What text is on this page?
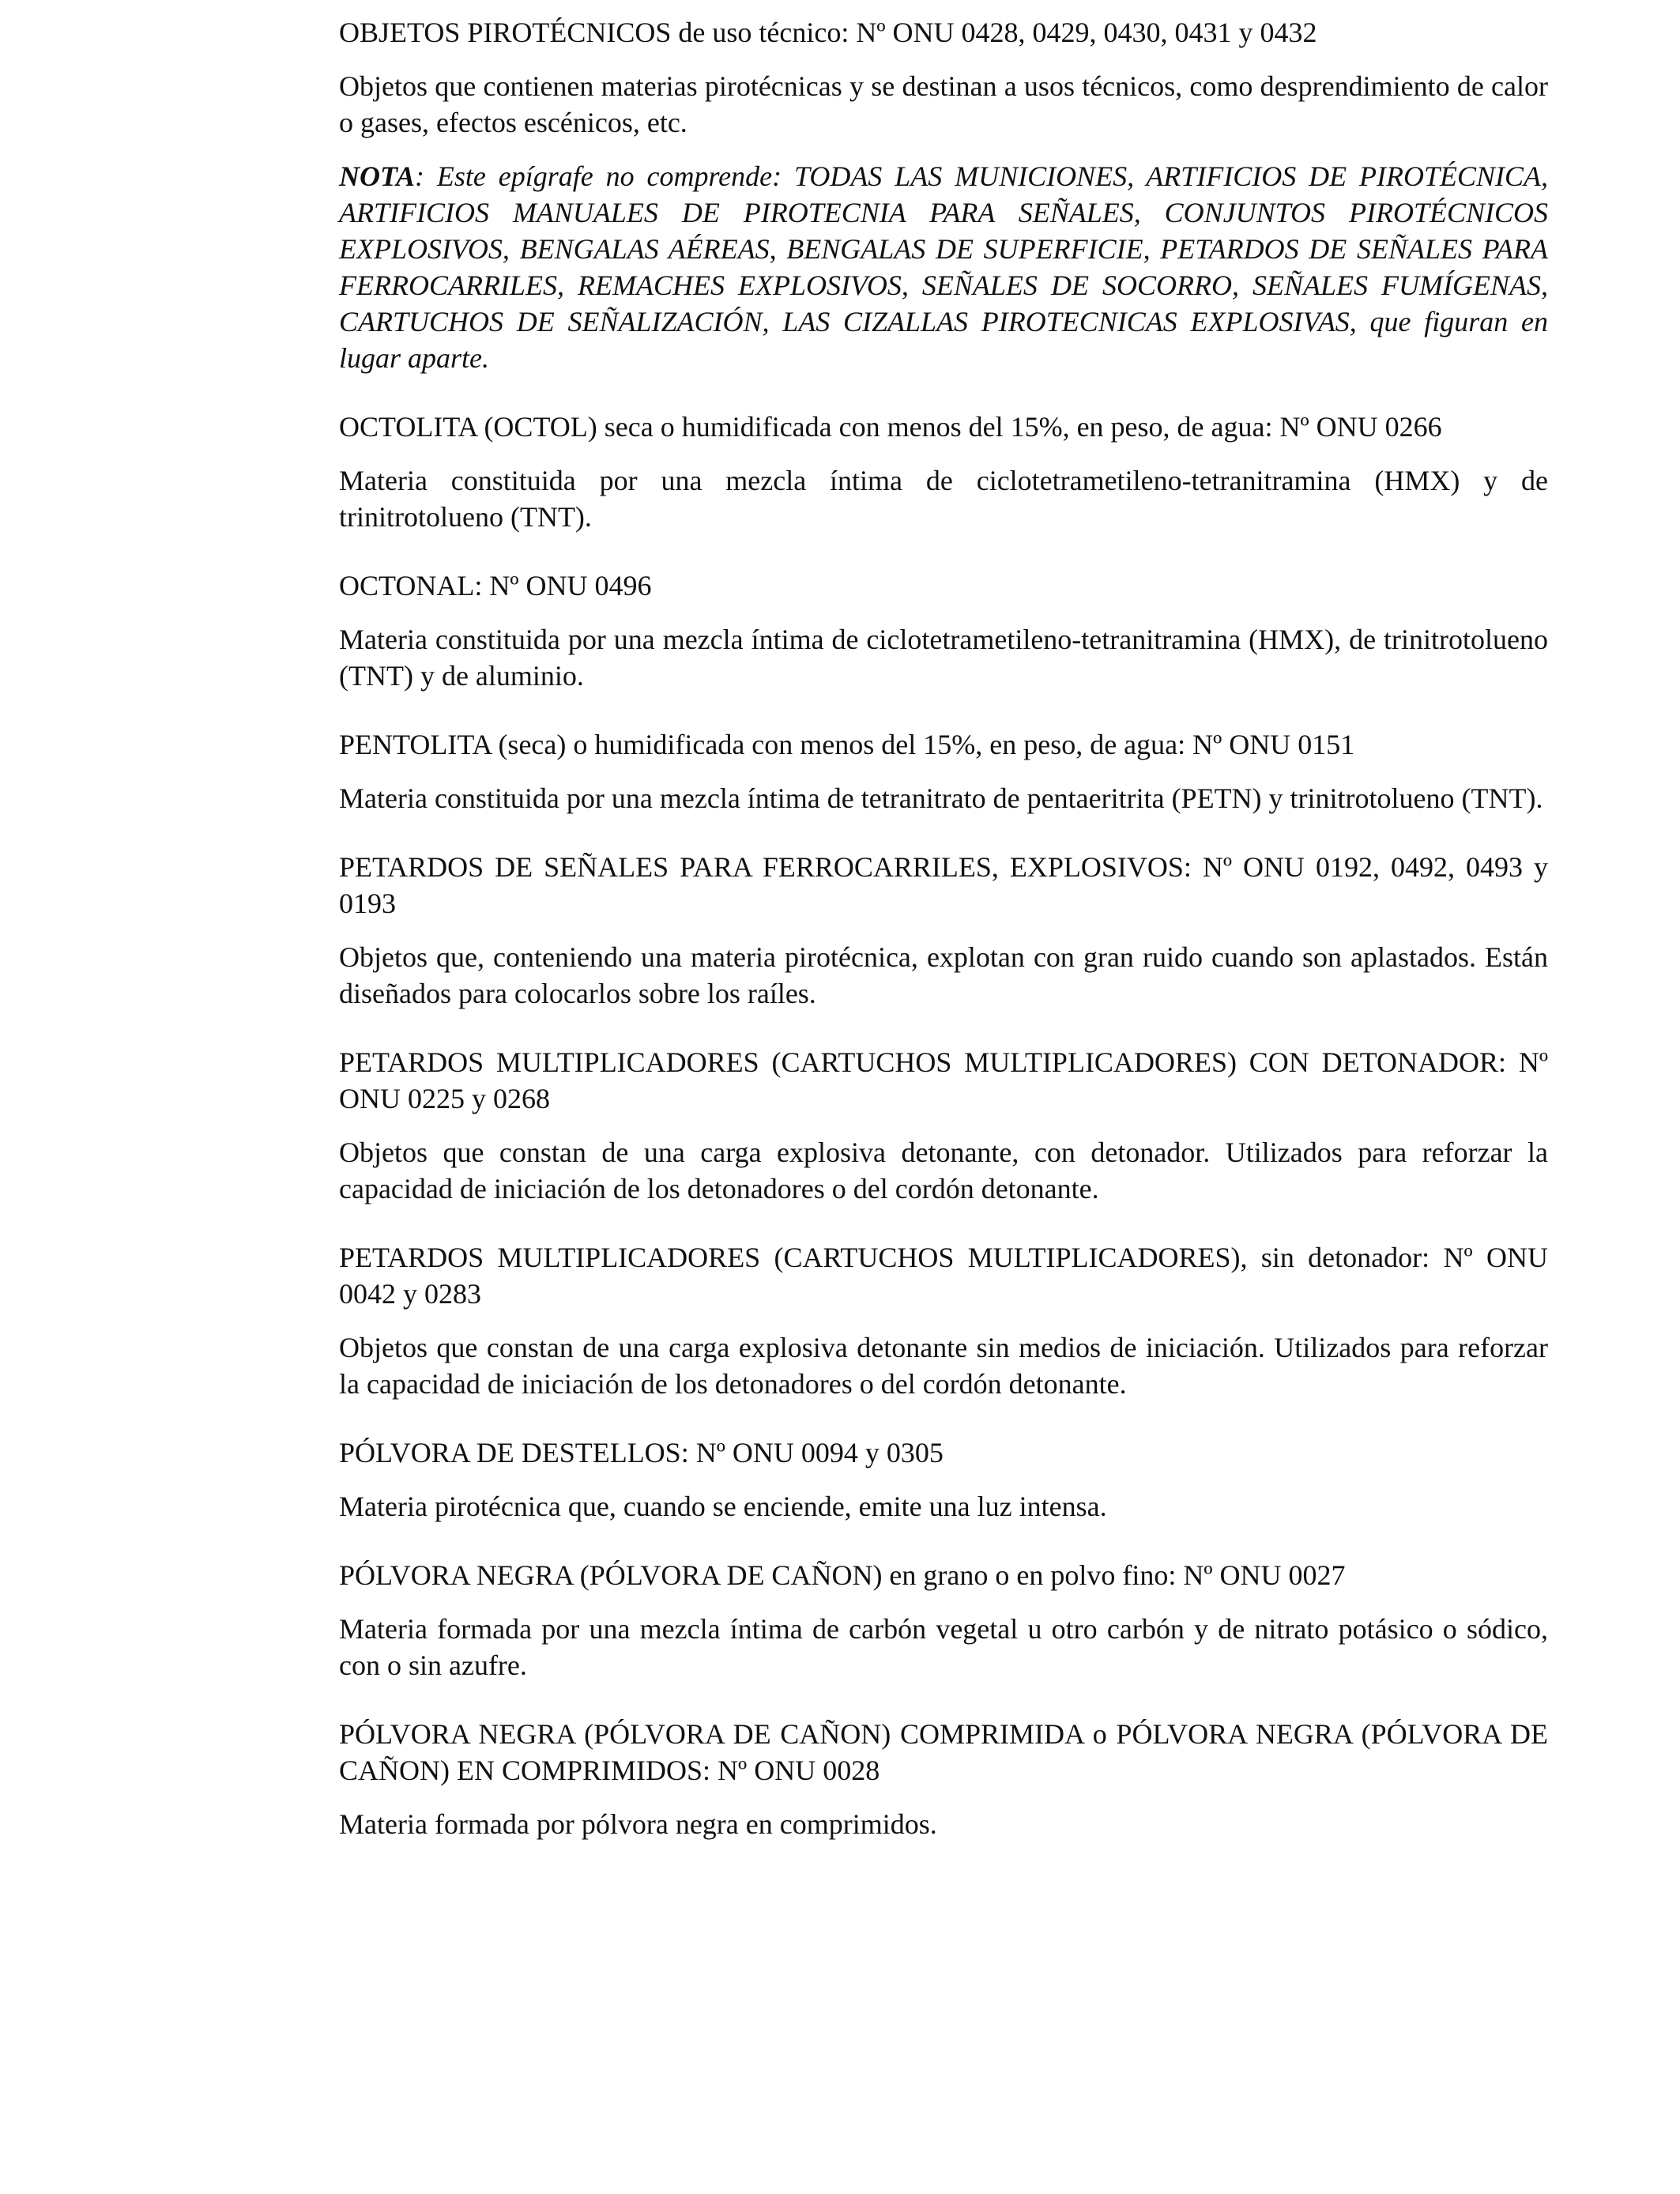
OBJETOS PIROTÉCNICOS de uso técnico: Nº ONU 0428, 0429, 0430, 0431 y 0432

Objetos que contienen materias pirotécnicas y se destinan a usos técnicos, como desprendimiento de calor o gases, efectos escénicos, etc.

NOTA: Este epígrafe no comprende: TODAS LAS MUNICIONES, ARTIFICIOS DE PIROTÉCNICA, ARTIFICIOS MANUALES DE PIROTECNIA PARA SEÑALES, CONJUNTOS PIROTÉCNICOS EXPLOSIVOS, BENGALAS AÉREAS, BENGALAS DE SUPERFICIE, PETARDOS DE SEÑALES PARA FERROCARRILES, REMACHES EXPLOSIVOS, SEÑALES DE SOCORRO, SEÑALES FUMÍGENAS, CARTUCHOS DE SEÑALIZACIÓN, LAS CIZALLAS PIROTECNICAS EXPLOSIVAS, que figuran en lugar aparte.

OCTOLITA (OCTOL) seca o humidificada con menos del 15%, en peso, de agua: Nº ONU 0266

Materia constituida por una mezcla íntima de ciclotetrametileno-tetranitramina (HMX) y de trinitrotolueno (TNT).

OCTONAL: Nº ONU 0496

Materia constituida por una mezcla íntima de ciclotetrametileno-tetranitramina (HMX), de trinitrotolueno (TNT) y de aluminio.

PENTOLITA (seca) o humidificada con menos del 15%, en peso, de agua: Nº ONU 0151

Materia constituida por una mezcla íntima de tetranitrato de pentaeritrita (PETN) y trinitrotolueno (TNT).

PETARDOS DE SEÑALES PARA FERROCARRILES, EXPLOSIVOS: Nº ONU 0192, 0492, 0493 y 0193

Objetos que, conteniendo una materia pirotécnica, explotan con gran ruido cuando son aplastados. Están diseñados para colocarlos sobre los raíles.

PETARDOS MULTIPLICADORES (CARTUCHOS MULTIPLICADORES) CON DETONADOR: Nº ONU 0225 y 0268

Objetos que constan de una carga explosiva detonante, con detonador. Utilizados para reforzar la capacidad de iniciación de los detonadores o del cordón detonante.

PETARDOS MULTIPLICADORES (CARTUCHOS MULTIPLICADORES), sin detonador: Nº ONU 0042 y 0283

Objetos que constan de una carga explosiva detonante sin medios de iniciación. Utilizados para reforzar la capacidad de iniciación de los detonadores o del cordón detonante.

PÓLVORA DE DESTELLOS: Nº ONU 0094 y 0305

Materia pirotécnica que, cuando se enciende, emite una luz intensa.

PÓLVORA NEGRA (PÓLVORA DE CAÑON) en grano o en polvo fino: Nº ONU 0027

Materia formada por una mezcla íntima de carbón vegetal u otro carbón y de nitrato potásico o sódico, con o sin azufre.

PÓLVORA NEGRA (PÓLVORA DE CAÑON) COMPRIMIDA o PÓLVORA NEGRA (PÓLVORA DE CAÑON) EN COMPRIMIDOS: Nº ONU 0028

Materia formada por pólvora negra en comprimidos.
